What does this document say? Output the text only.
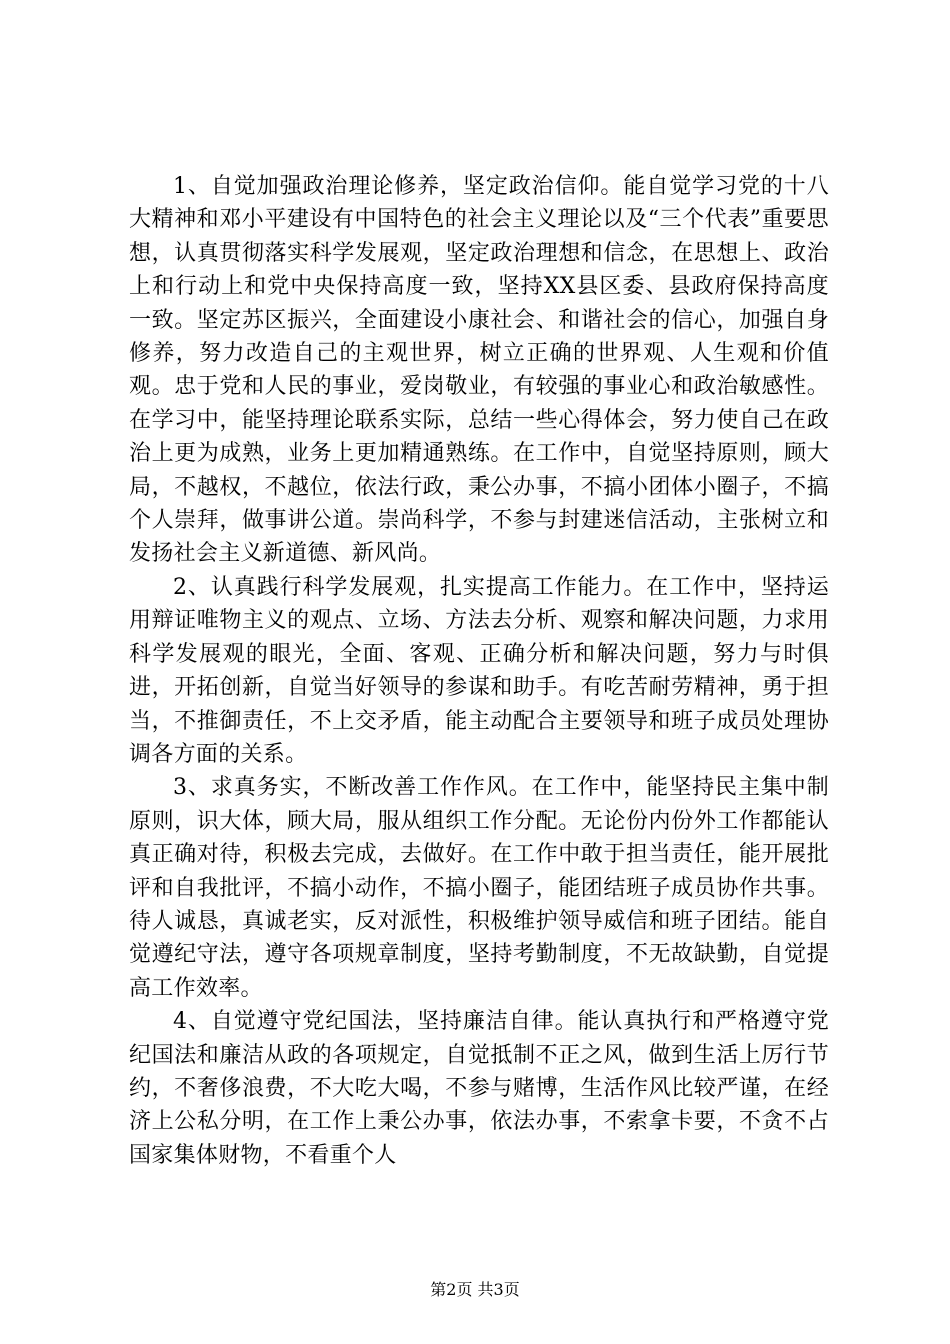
1、自觉加强政治理论修养，坚定政治信仰。能自觉学习党的十八大精神和邓小平建设有中国特色的社会主义理论以及“三个代表”重要思想，认真贯彻落实科学发展观，坚定政治理想和信念，在思想上、政治上和行动上和党中央保持高度一致，坚持XX县区委、县政府保持高度一致。坚定苏区振兴，全面建设小康社会、和谐社会的信心，加强自身修养，努力改造自己的主观世界，树立正确的世界观、人生观和价值观。忠于党和人民的事业，爱岗敬业，有较强的事业心和政治敏感性。在学习中，能坚持理论联系实际，总结一些心得体会，努力使自己在政治上更为成熟，业务上更加精通熟练。在工作中，自觉坚持原则，顾大局，不越权，不越位，依法行政，秉公办事，不搞小团体小圈子，不搞个人崇拜，做事讲公道。崇尚科学，不参与封建迷信活动，主张树立和发扬社会主义新道德、新风尚。

2、认真践行科学发展观，扎实提高工作能力。在工作中，坚持运用辩证唯物主义的观点、立场、方法去分析、观察和解决问题，力求用科学发展观的眼光，全面、客观、正确分析和解决问题，努力与时俱进，开拓创新，自觉当好领导的参谋和助手。有吃苦耐劳精神，勇于担当，不推御责任，不上交矛盾，能主动配合主要领导和班子成员处理协调各方面的关系。

3、求真务实，不断改善工作作风。在工作中，能坚持民主集中制原则，识大体，顾大局，服从组织工作分配。无论份内份外工作都能认真正确对待，积极去完成，去做好。在工作中敢于担当责任，能开展批评和自我批评，不搞小动作，不搞小圈子，能团结班子成员协作共事。待人诚恳，真诚老实，反对派性，积极维护领导威信和班子团结。能自觉遵纪守法，遵守各项规章制度，坚持考勤制度，不无故缺勤，自觉提高工作效率。

4、自觉遵守党纪国法，坚持廉洁自律。能认真执行和严格遵守党纪国法和廉洁从政的各项规定，自觉抵制不正之风，做到生活上厉行节约，不奢侈浪费，不大吃大喝，不参与赌博，生活作风比较严谨，在经济上公私分明，在工作上秉公办事，依法办事，不索拿卡要，不贪不占国家集体财物，不看重个人

第2页 共3页
